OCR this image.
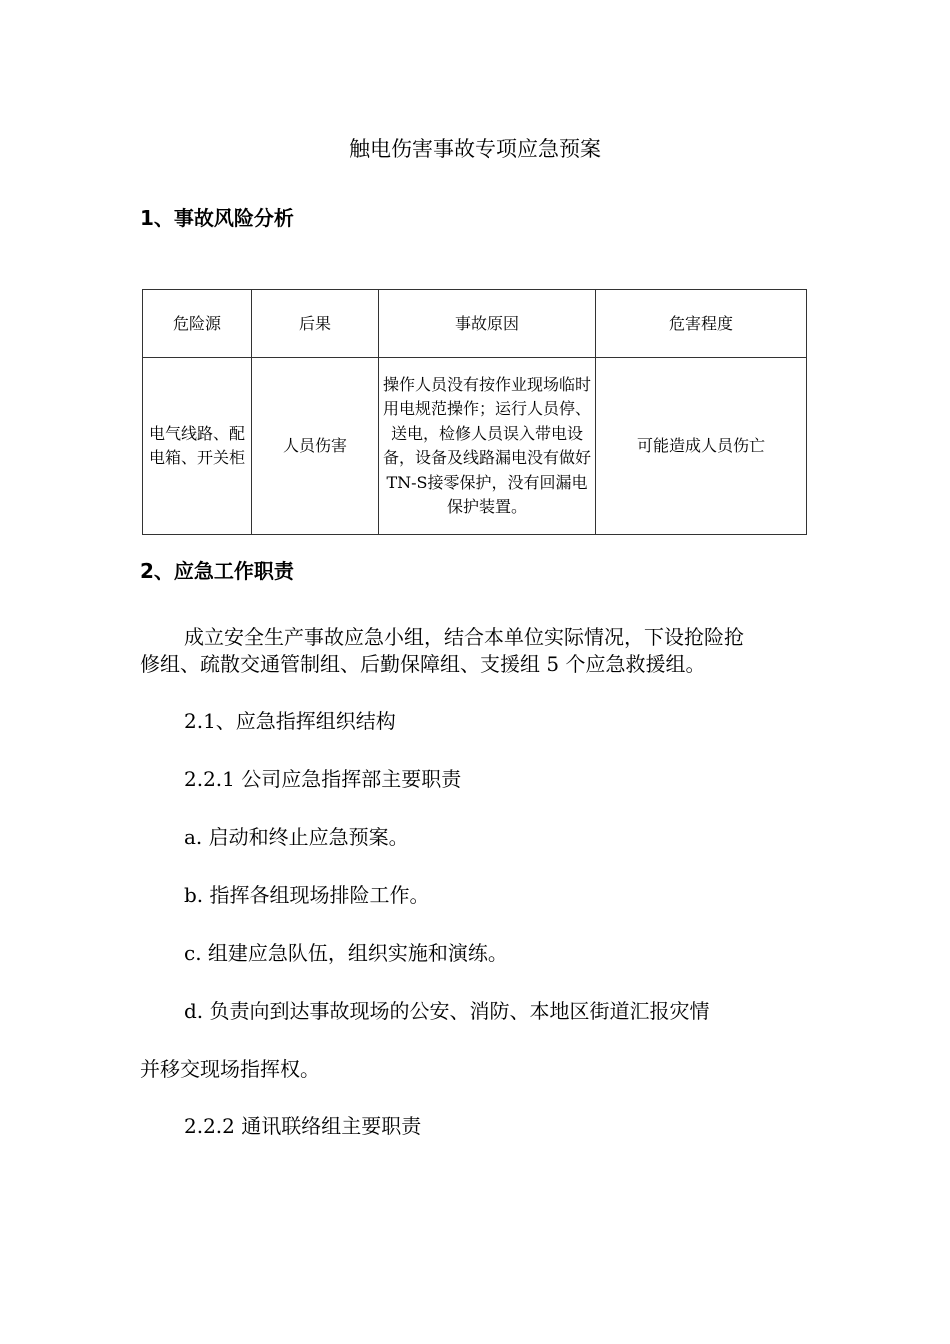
触电伤害事故专项应急预案
1、事故风险分析
危险源	后果	事故原因	危害程度
电气线路、配电箱、开关柜	人员伤害	操作人员没有按作业现场临时用电规范操作；运行人员停、送电，检修人员误入带电设备，设备及线路漏电没有做好TN-S接零保护，没有回漏电保护装置。	可能造成人员伤亡
2、应急工作职责
成立安全生产事故应急小组，结合本单位实际情况，下设抢险抢
修组、疏散交通管制组、后勤保障组、支援组 5 个应急救援组。
2.1、应急指挥组织结构
2.2.1 公司应急指挥部主要职责
a. 启动和终止应急预案。
b. 指挥各组现场排险工作。
c. 组建应急队伍，组织实施和演练。
d. 负责向到达事故现场的公安、消防、本地区街道汇报灾情
并移交现场指挥权。
2.2.2 通讯联络组主要职责
